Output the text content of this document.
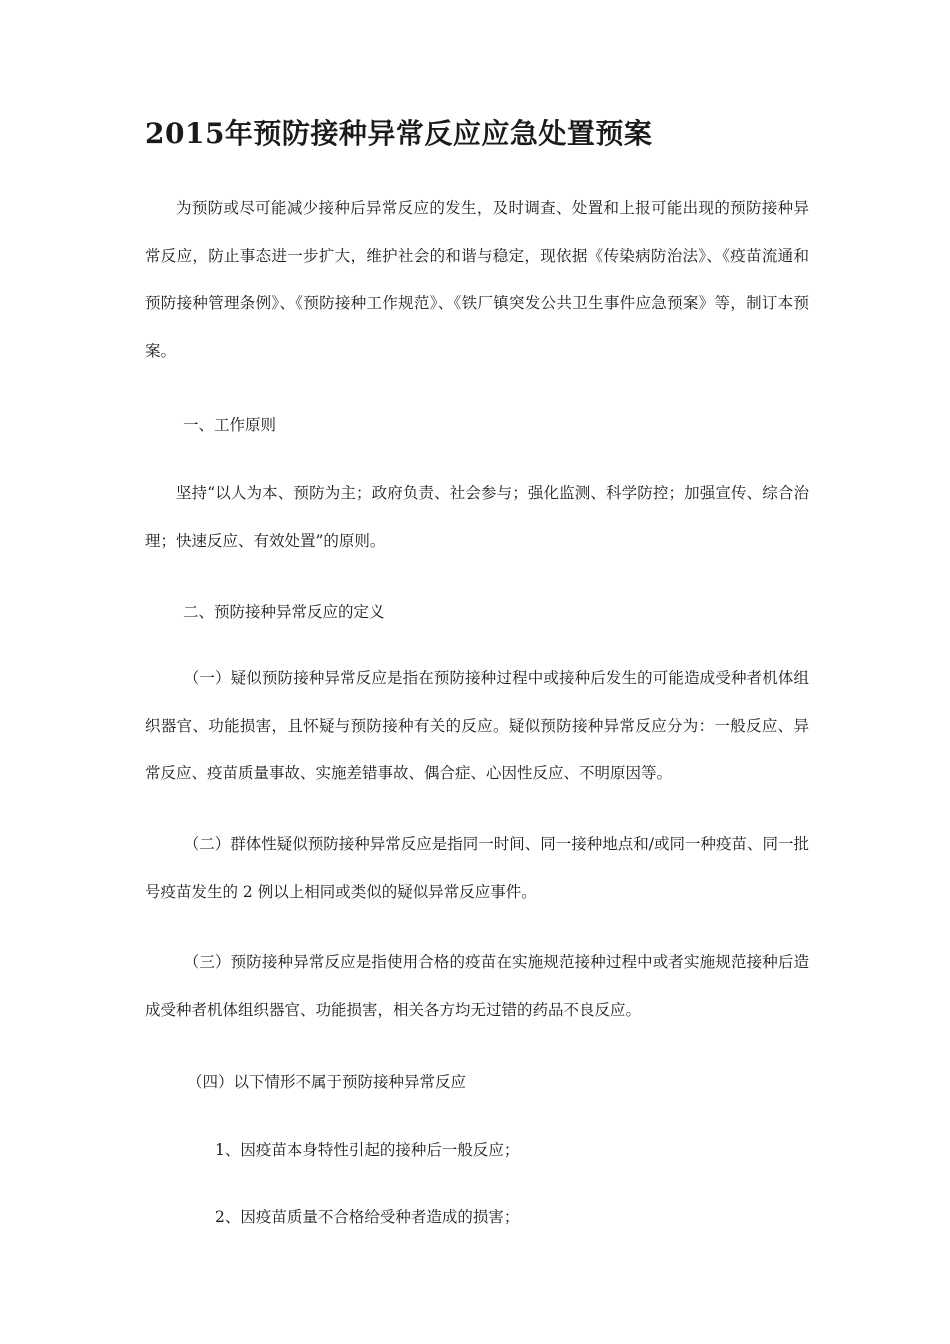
2015年预防接种异常反应应急处置预案
为预防或尽可能减少接种后异常反应的发生，及时调查、处置和上报可能出现的预防接种异常反应，防止事态进一步扩大，维护社会的和谐与稳定，现依据《传染病防治法》、《疫苗流通和预防接种管理条例》、《预防接种工作规范》、《铁厂镇突发公共卫生事件应急预案》等，制订本预案。
一、工作原则
坚持“以人为本、预防为主；政府负责、社会参与；强化监测、科学防控；加强宣传、综合治理；快速反应、有效处置”的原则。
二、预防接种异常反应的定义
（一）疑似预防接种异常反应是指在预防接种过程中或接种后发生的可能造成受种者机体组织器官、功能损害，且怀疑与预防接种有关的反应。疑似预防接种异常反应分为：一般反应、异常反应、疫苗质量事故、实施差错事故、偶合症、心因性反应、不明原因等。
（二）群体性疑似预防接种异常反应是指同一时间、同一接种地点和/或同一种疫苗、同一批号疫苗发生的 2 例以上相同或类似的疑似异常反应事件。
（三）预防接种异常反应是指使用合格的疫苗在实施规范接种过程中或者实施规范接种后造成受种者机体组织器官、功能损害，相关各方均无过错的药品不良反应。
（四）以下情形不属于预防接种异常反应
1、因疫苗本身特性引起的接种后一般反应；
2、因疫苗质量不合格给受种者造成的损害；
